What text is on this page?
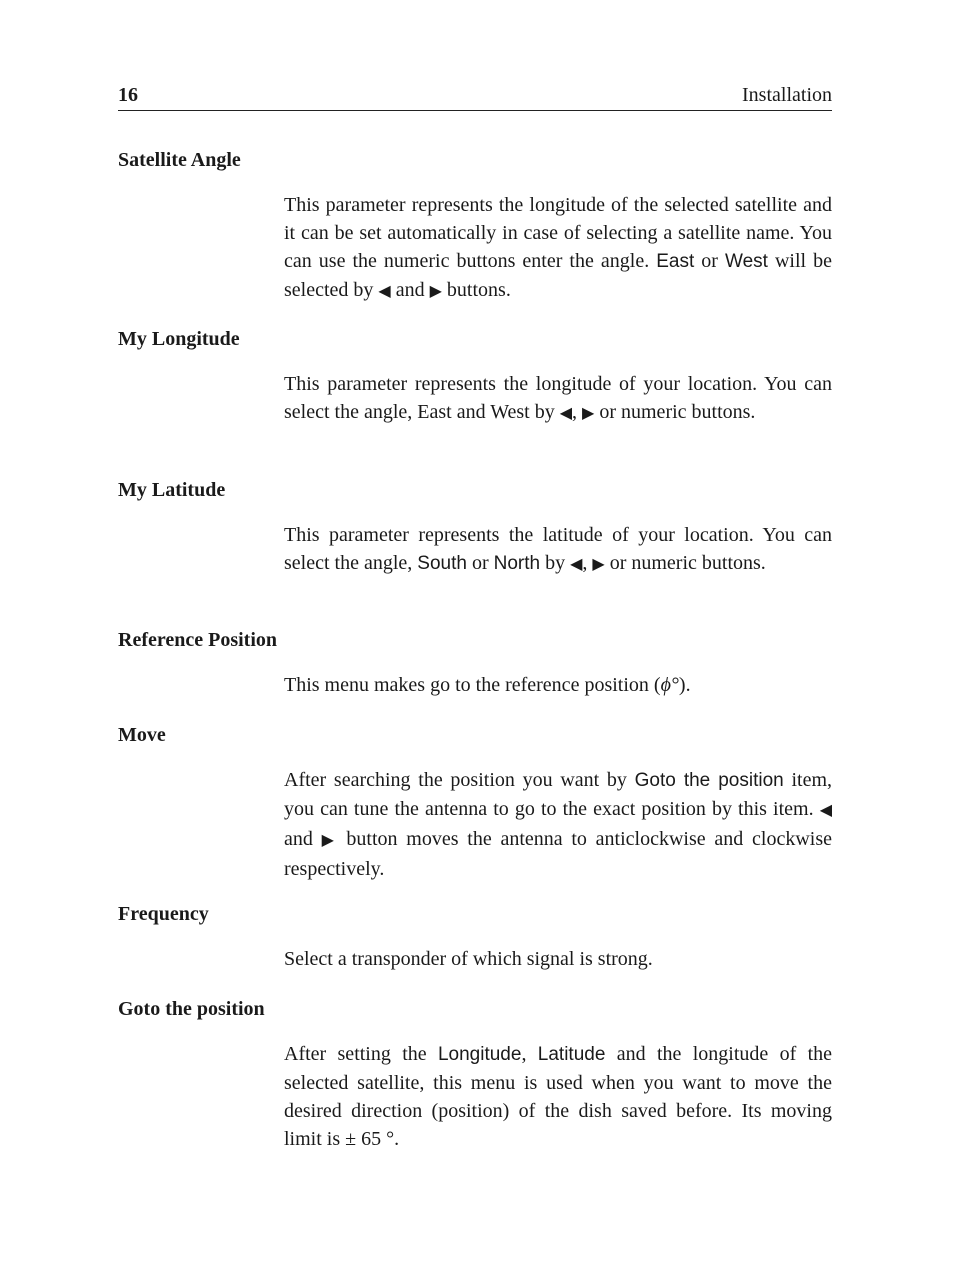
16	Installation
Satellite Angle

This parameter represents the longitude of the selected satellite and it can be set automatically in case of selecting a satellite name. You can use the numeric buttons enter the angle. East or West will be selected by ◀ and ▶ buttons.

My Longitude

This parameter represents the longitude of your location. You can select the angle, East and West by ◀, ▶ or numeric buttons.

My Latitude

This parameter represents the latitude of your location. You can select the angle, South or North by ◀, ▶ or numeric buttons.

Reference Position

This menu makes go to the reference position (ϕ°).

Move

After searching the position you want by Goto the position item, you can tune the antenna to go to the exact position by this item. ◀ and ▶ button moves the antenna to anticlockwise and clockwise respectively.

Frequency

Select a transponder of which signal is strong.

Goto the position

After setting the Longitude, Latitude and the longitude of the selected satellite, this menu is used when you want to move the desired direction (position) of the dish saved before. Its moving limit is ± 65 °.
